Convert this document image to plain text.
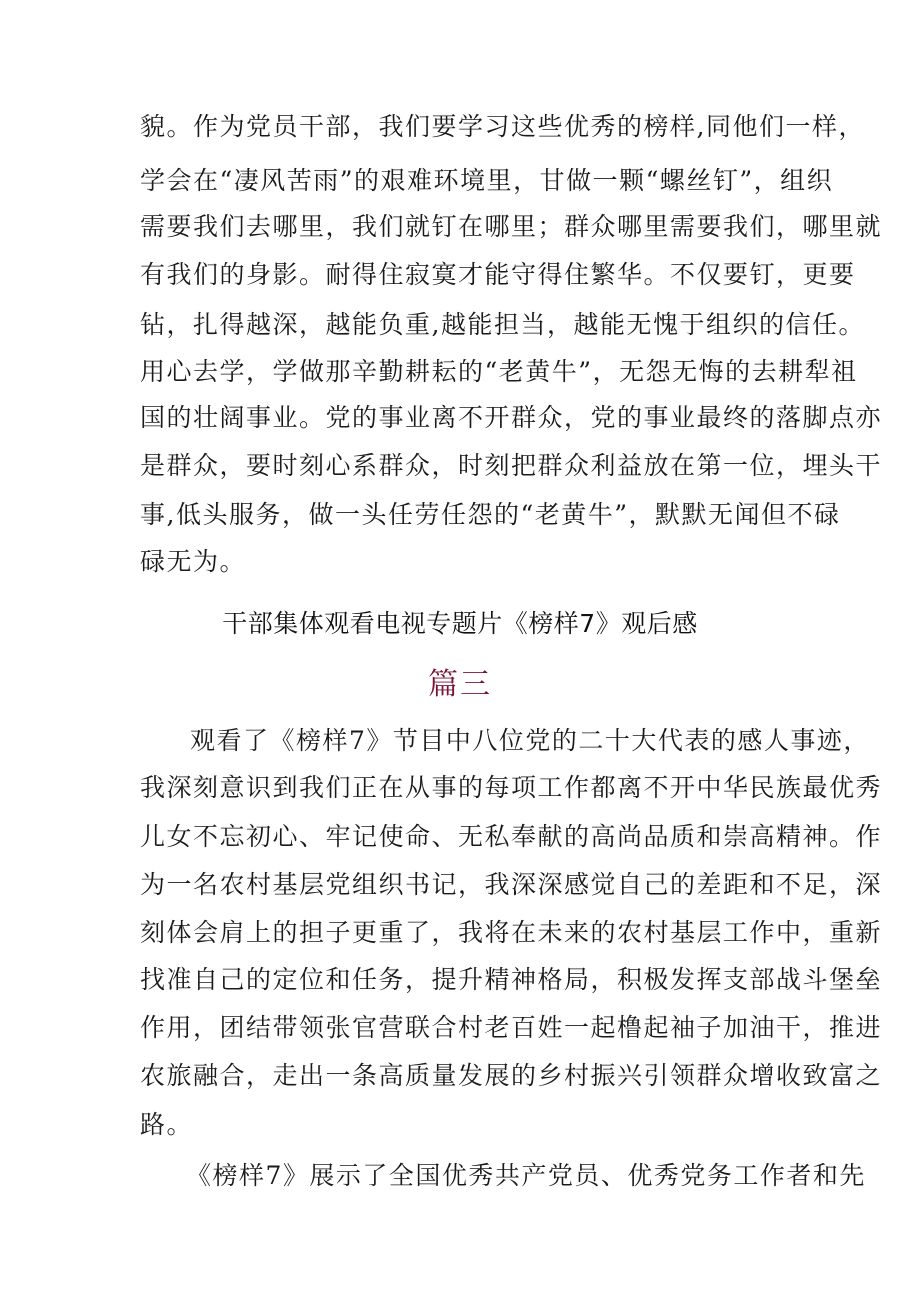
貌。作为党员干部，我们要学习这些优秀的榜样,同他们一样，
学会在“凄风苦雨”的艰难环境里，甘做一颗“螺丝钉”，组织
需要我们去哪里，我们就钉在哪里；群众哪里需要我们，哪里就
有我们的身影。耐得住寂寞才能守得住繁华。不仅要钉，更要
钻，扎得越深，越能负重,越能担当，越能无愧于组织的信任。
用心去学，学做那辛勤耕耘的“老黄牛”，无怨无悔的去耕犁祖
国的壮阔事业。党的事业离不开群众，党的事业最终的落脚点亦
是群众，要时刻心系群众，时刻把群众利益放在第一位，埋头干
事,低头服务，做一头任劳任怨的“老黄牛”，默默无闻但不碌
碌无为。
干部集体观看电视专题片《榜样7》观后感
篇三
观看了《榜样7》节目中八位党的二十大代表的感人事迹，
我深刻意识到我们正在从事的每项工作都离不开中华民族最优秀
儿女不忘初心、牢记使命、无私奉献的高尚品质和崇高精神。作
为一名农村基层党组织书记，我深深感觉自己的差距和不足，深
刻体会肩上的担子更重了，我将在未来的农村基层工作中，重新
找准自己的定位和任务，提升精神格局，积极发挥支部战斗堡垒
作用，团结带领张官营联合村老百姓一起橹起袖子加油干，推进
农旅融合，走出一条高质量发展的乡村振兴引领群众增收致富之
路。
《榜样7》展示了全国优秀共产党员、优秀党务工作者和先
